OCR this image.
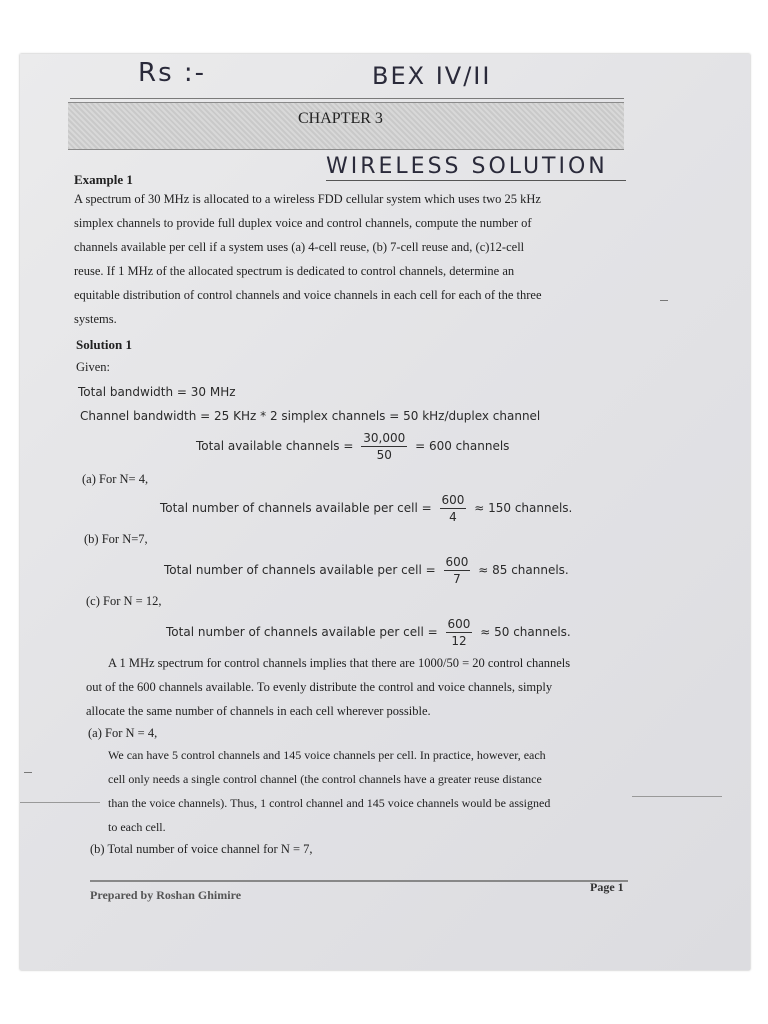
Rs :-	BEX IV/II
CHAPTER 3
WIRELESS SOLUTION
Example 1
A spectrum of 30 MHz is allocated to a wireless FDD cellular system which uses two 25 kHz
simplex channels to provide full duplex voice and control channels, compute the number of
channels available per cell if a system uses (a) 4-cell reuse, (b) 7-cell reuse and, (c)12-cell
reuse. If 1 MHz of the allocated spectrum is dedicated to control channels, determine an
equitable distribution of control channels and voice channels in each cell for each of the three
systems.
Solution 1
Given:
Total bandwidth = 30 MHz
Channel bandwidth = 25 KHz * 2 simplex channels = 50 kHz/duplex channel
Total available channels = $\frac{30,000}{50} = 600$ channels
(a) For N= 4,
Total number of channels available per cell = $\frac{600}{4} \approx 150$ channels.
(b) For N=7,
Total number of channels available per cell = $\frac{600}{7} \approx 85$ channels.
(c) For N = 12,
Total number of channels available per cell = $\frac{600}{12} \approx 50$ channels.
A 1 MHz spectrum for control channels implies that there are 1000/50 = 20 control channels
out of the 600 channels available. To evenly distribute the control and voice channels, simply
allocate the same number of channels in each cell wherever possible.
(a) For N = 4,
We can have 5 control channels and 145 voice channels per cell. In practice, however, each
cell only needs a single control channel (the control channels have a greater reuse distance
than the voice channels). Thus, 1 control channel and 145 voice channels would be assigned
to each cell.
(b) Total number of voice channel for N = 7,
Prepared by Roshan Ghimire
Page 1
